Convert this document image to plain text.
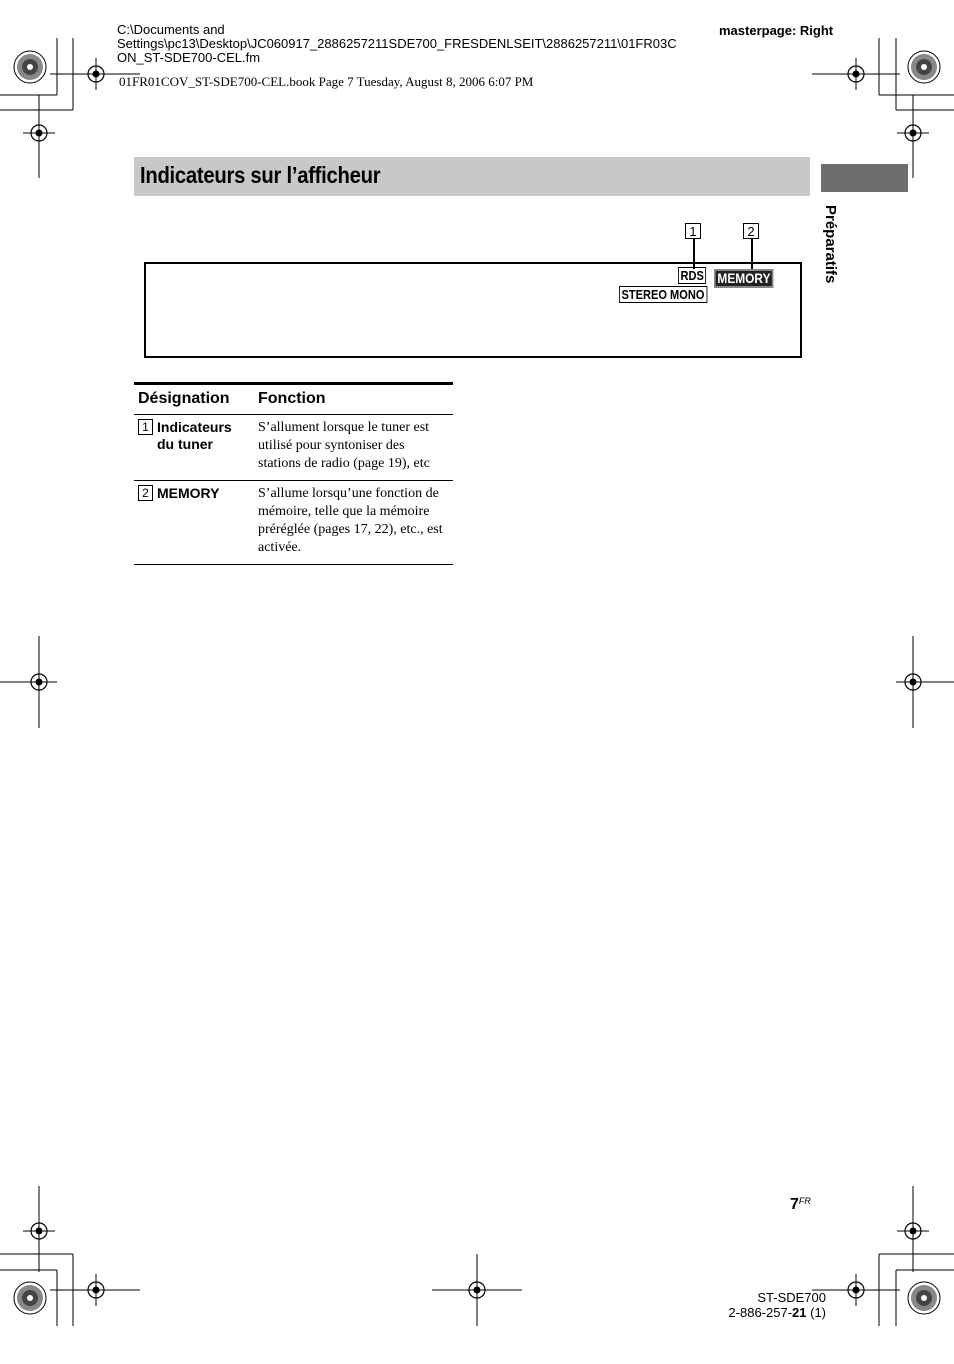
C:\Documents and
Settings\pc13\Desktop\JC060917_2886257211SDE700_FRESDENLSEIT\2886257211\01FR03C
ON_ST-SDE700-CEL.fm
masterpage: Right
01FR01COV_ST-SDE700-CEL.book Page 7 Tuesday, August 8, 2006 6:07 PM
Indicateurs sur l’afficheur
Préparatifs
1	2
RDS
STEREO MONO
MEMORY
Désignation	Fonction
1 Indicateurs du tuner	S’allument lorsque le tuner est utilisé pour syntoniser des stations de radio (page 19), etc
2 MEMORY	S’allume lorsqu’une fonction de mémoire, telle que la mémoire préréglée (pages 17, 22), etc., est activée.
$7^{FR}$
ST-SDE700
2-886-257-21 (1)
